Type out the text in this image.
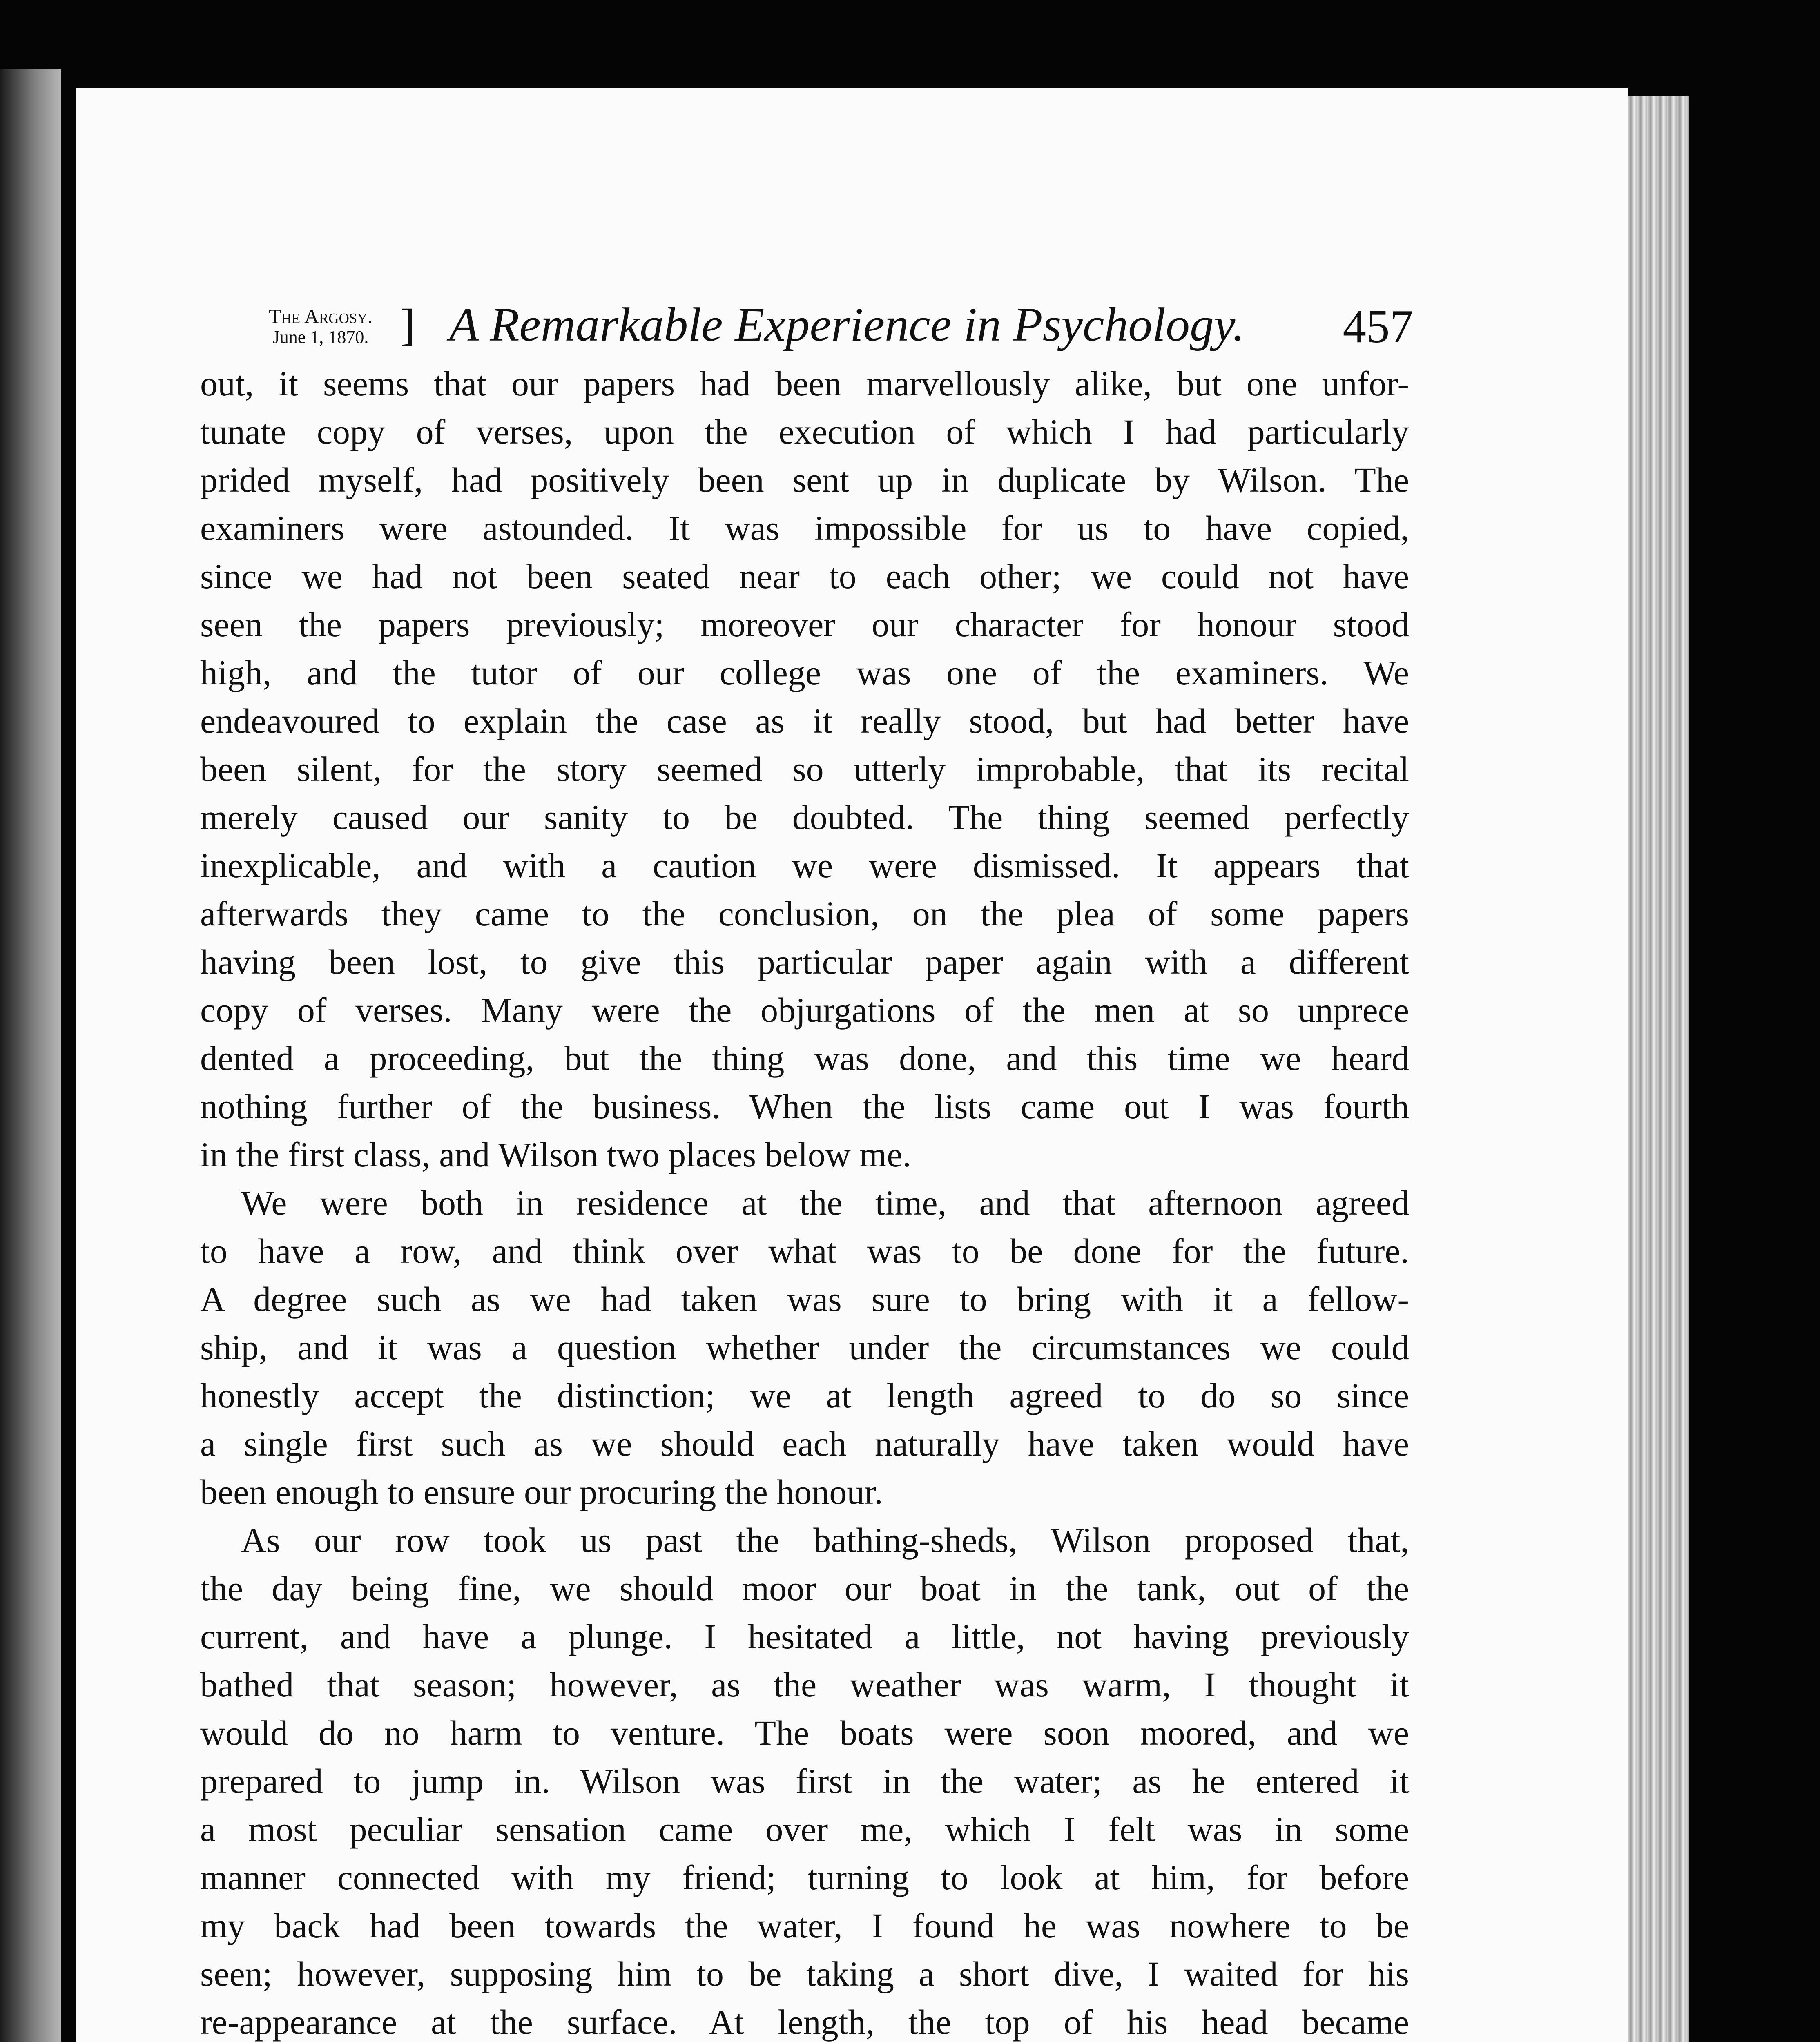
The Argosy.
June 1, 1870. ] A Remarkable Experience in Psychology. 457
out, it seems that our papers had been marvellously alike, but one unfor-
tunate copy of verses, upon the execution of which I had particularly
prided myself, had positively been sent up in duplicate by Wilson. The
examiners were astounded. It was impossible for us to have copied,
since we had not been seated near to each other; we could not have
seen the papers previously; moreover our character for honour stood
high, and the tutor of our college was one of the examiners. We
endeavoured to explain the case as it really stood, but had better have
been silent, for the story seemed so utterly improbable, that its recital
merely caused our sanity to be doubted. The thing seemed perfectly
inexplicable, and with a caution we were dismissed. It appears that
afterwards they came to the conclusion, on the plea of some papers
having been lost, to give this particular paper again with a different
copy of verses. Many were the objurgations of the men at so unprece
dented a proceeding, but the thing was done, and this time we heard
nothing further of the business. When the lists came out I was fourth
in the first class, and Wilson two places below me.
We were both in residence at the time, and that afternoon agreed
to have a row, and think over what was to be done for the future.
A degree such as we had taken was sure to bring with it a fellow-
ship, and it was a question whether under the circumstances we could
honestly accept the distinction; we at length agreed to do so since
a single first such as we should each naturally have taken would have
been enough to ensure our procuring the honour.
As our row took us past the bathing-sheds, Wilson proposed that,
the day being fine, we should moor our boat in the tank, out of the
current, and have a plunge. I hesitated a little, not having previously
bathed that season; however, as the weather was warm, I thought it
would do no harm to venture. The boats were soon moored, and we
prepared to jump in. Wilson was first in the water; as he entered it
a most peculiar sensation came over me, which I felt was in some
manner connected with my friend; turning to look at him, for before
my back had been towards the water, I found he was nowhere to be
seen; however, supposing him to be taking a short dive, I waited for his
re-appearance at the surface. At length, the top of his head became
